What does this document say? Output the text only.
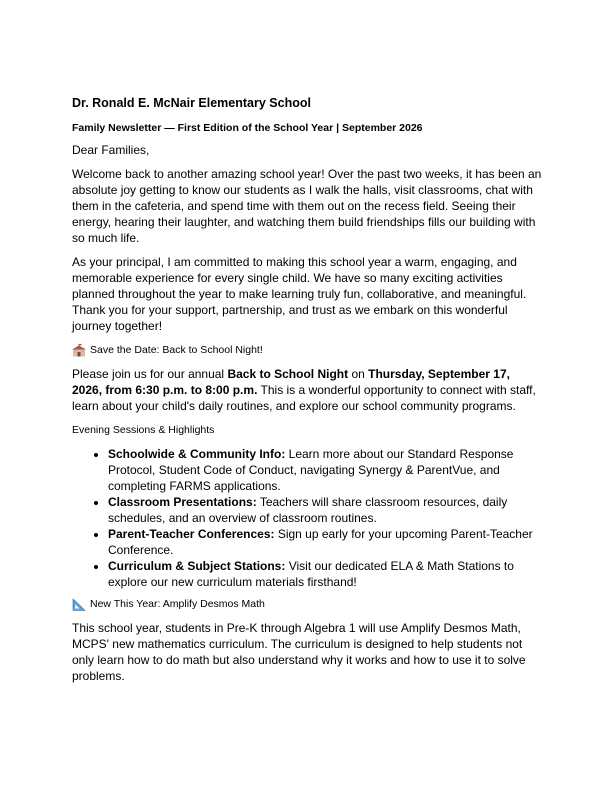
Dr. Ronald E. McNair Elementary School
Family Newsletter — First Edition of the School Year | September 2026

Dear Families,

Welcome back to another amazing school year! Over the past two weeks, it has been an absolute joy getting to know our students as I walk the halls, visit classrooms, chat with them in the cafeteria, and spend time with them out on the recess field. Seeing their energy, hearing their laughter, and watching them build friendships fills our building with so much life.

As your principal, I am committed to making this school year a warm, engaging, and memorable experience for every single child. We have so many exciting activities planned throughout the year to make learning truly fun, collaborative, and meaningful. Thank you for your support, partnership, and trust as we embark on this wonderful journey together!

Save the Date: Back to School Night!

Please join us for our annual Back to School Night on Thursday, September 17, 2026, from 6:30 p.m. to 8:00 p.m. This is a wonderful opportunity to connect with staff, learn about your child's daily routines, and explore our school community programs.

Evening Sessions & Highlights
• Schoolwide & Community Info: Learn more about our Standard Response Protocol, Student Code of Conduct, navigating Synergy & ParentVue, and completing FARMS applications.
• Classroom Presentations: Teachers will share classroom resources, daily schedules, and an overview of classroom routines.
• Parent-Teacher Conferences: Sign up early for your upcoming Parent-Teacher Conference.
• Curriculum & Subject Stations: Visit our dedicated ELA & Math Stations to explore our new curriculum materials firsthand!
New This Year: Amplify Desmos Math

This school year, students in Pre-K through Algebra 1 will use Amplify Desmos Math, MCPS' new mathematics curriculum. The curriculum is designed to help students not only learn how to do math but also understand why it works and how to use it to solve problems.
